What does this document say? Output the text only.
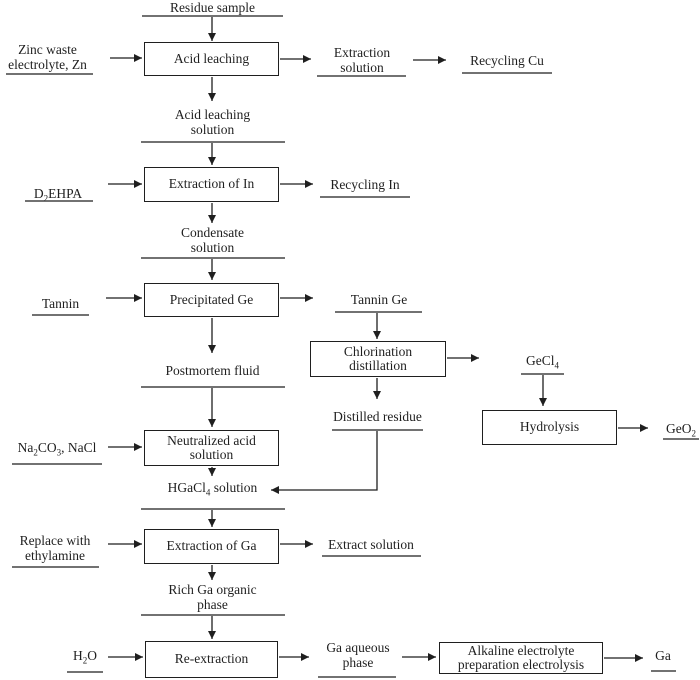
Acid leaching
Extraction of In
Precipitated Ge
Chlorination
distillation
Hydrolysis
Neutralized acid
solution
Extraction of Ga
Re-extraction
Alkaline electrolyte
preparation electrolysis
Residue sample
Zinc waste
electrolyte, Zn
Extraction
solution	Recycling Cu
Acid leaching
solution
$D_2EHPA$
Recycling In
Condensate
solution
Tannin	Tannin Ge
GeCl$_4$
Postmortem fluid
Distilled residue
$Na_2CO_3$, NaCl
GeO$_2$
HGaCl$_4$ solution
Replace with
ethylamine
Extract solution
Rich Ga organic
phase
$H_2O$
Ga aqueous
phase	Ga
